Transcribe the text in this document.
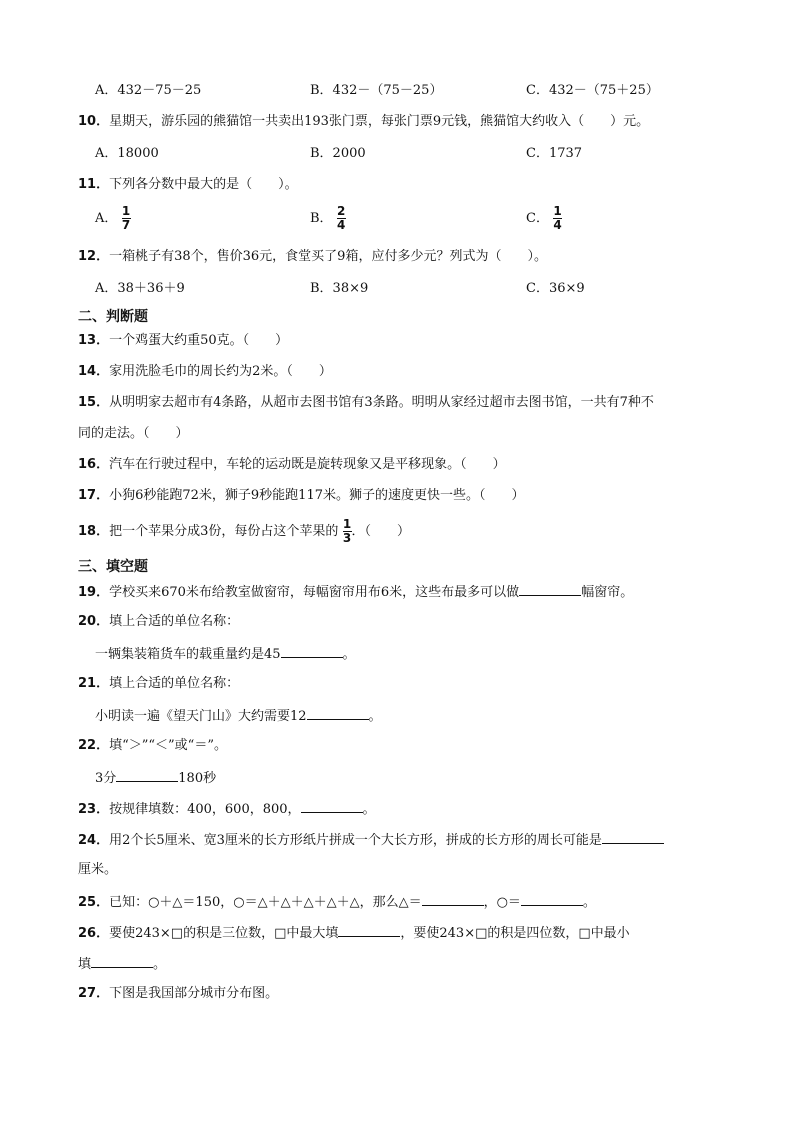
A．432－75－25	B．432－（75－25）	C．432－（75＋25）
10．星期天，游乐园的熊猫馆一共卖出193张门票，每张门票9元钱，熊猫馆大约收入（　　）元。
A．18000	B．2000	C．1737
11．下列各分数中最大的是（　　）。
A． $\frac{1}{7}$	B． $\frac{2}{4}$	C． $\frac{1}{4}$
12．一箱桃子有38个，售价36元，食堂买了9箱，应付多少元？列式为（　　）。
A．38＋36＋9	B．38×9	C．36×9
二、判断题
13．一个鸡蛋大约重50克。（　　）
14．家用洗脸毛巾的周长约为2米。（　　）
15．从明明家去超市有4条路，从超市去图书馆有3条路。明明从家经过超市去图书馆，一共有7种不
同的走法。（　　）
16．汽车在行驶过程中，车轮的运动既是旋转现象又是平移现象。（　　）
17．小狗6秒能跑72米，狮子9秒能跑117米。狮子的速度更快一些。（　　）
18．把一个苹果分成3份，每份占这个苹果的 $\frac{1}{3}$ ．（　　）
三、填空题
19．学校买来670米布给教室做窗帘，每幅窗帘用布6米，这些布最多可以做	幅窗帘。
20．填上合适的单位名称：
一辆集装箱货车的载重量约是45	。
21．填上合适的单位名称：
小明读一遍《望天门山》大约需要12	。
22．填“＞”“＜”或“＝”。
3分	180秒
23．按规律填数：400，600，800，	。
24．用2个长5厘米、宽3厘米的长方形纸片拼成一个大长方形，拼成的长方形的周长可能是
厘米。
25．已知：○＋△＝150，○＝△＋△＋△＋△＋△，那么△＝	，○＝	。
26．要使243×□的积是三位数，□中最大填	，要使243×□的积是四位数，□中最小
填	。
27．下图是我国部分城市分布图。
